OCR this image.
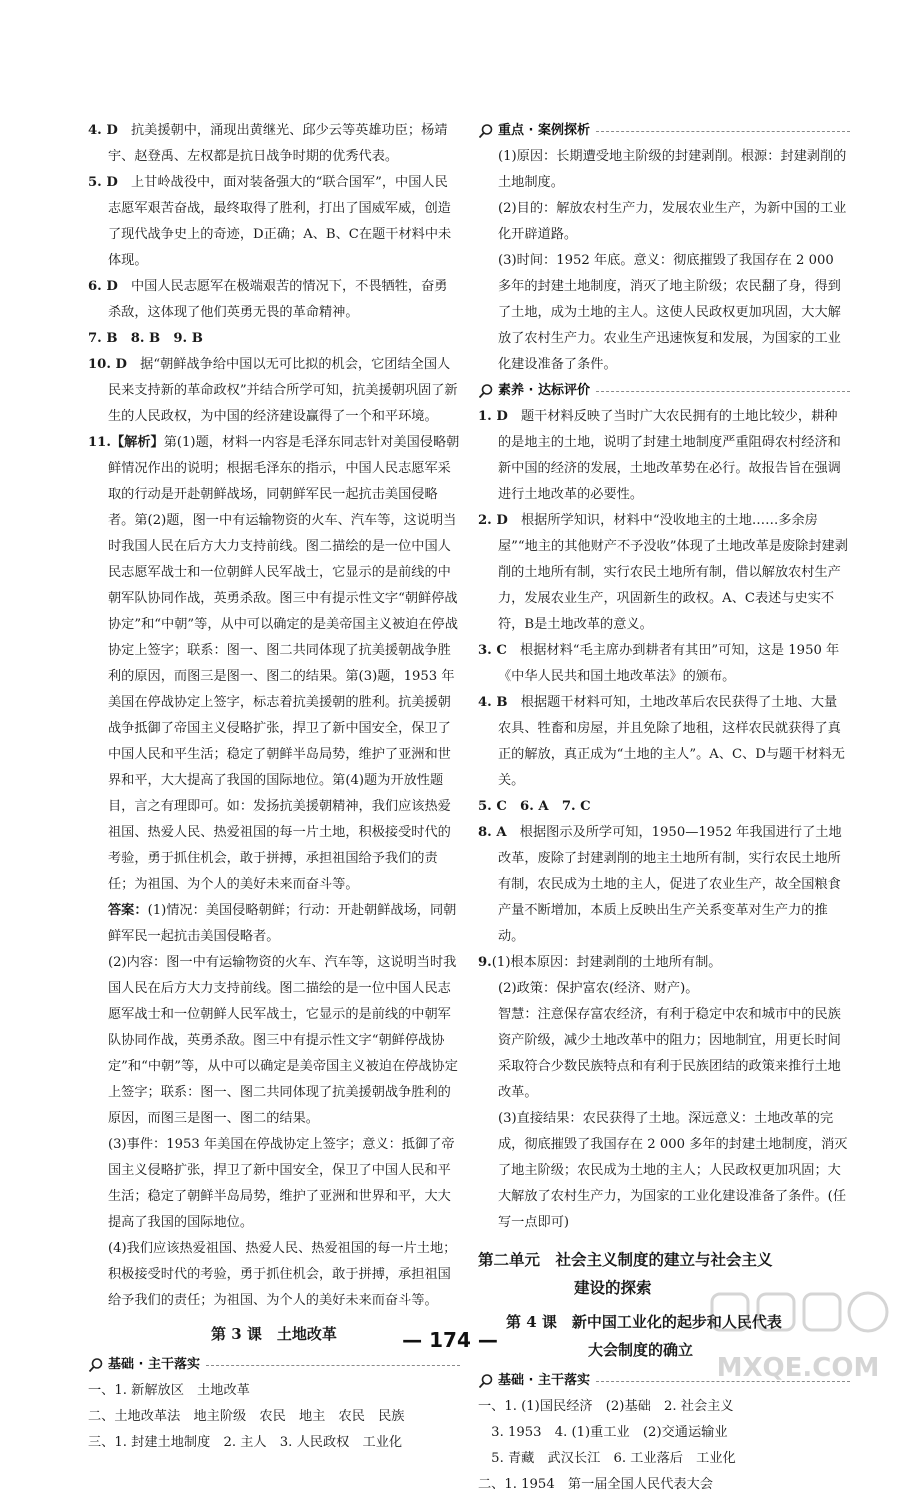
4. D　 抗美援朝中，涌现出黄继光、邱少云等英雄功臣；杨靖宇、赵登禹、左权都是抗日战争时期的优秀代表。

5. D　 上甘岭战役中，面对装备强大的“联合国军”，中国人民志愿军艰苦奋战，最终取得了胜利，打出了国威军威，创造了现代战争史上的奇迹，D正确；A、B、C在题干材料中未体现。

6. D　 中国人民志愿军在极端艰苦的情况下，不畏牺牲，奋勇杀敌，这体现了他们英勇无畏的革命精神。

7. B　8. B　9. B

10. D　 据“朝鲜战争给中国以无可比拟的机会，它团结全国人民来支持新的革命政权”并结合所学可知，抗美援朝巩固了新生的人民政权，为中国的经济建设赢得了一个和平环境。

11.【解析】第(1)题，材料一内容是毛泽东同志针对美国侵略朝鲜情况作出的说明；根据毛泽东的指示，中国人民志愿军采取的行动是开赴朝鲜战场，同朝鲜军民一起抗击美国侵略者。第(2)题，图一中有运输物资的火车、汽车等，这说明当时我国人民在后方大力支持前线。图二描绘的是一位中国人民志愿军战士和一位朝鲜人民军战士，它显示的是前线的中朝军队协同作战，英勇杀敌。图三中有提示性文字“朝鲜停战协定”和“中朝”等，从中可以确定的是美帝国主义被迫在停战协定上签字；联系：图一、图二共同体现了抗美援朝战争胜利的原因，而图三是图一、图二的结果。第(3)题，1953 年美国在停战协定上签字，标志着抗美援朝的胜利。抗美援朝战争抵御了帝国主义侵略扩张，捍卫了新中国安全，保卫了中国人民和平生活；稳定了朝鲜半岛局势，维护了亚洲和世界和平，大大提高了我国的国际地位。第(4)题为开放性题目，言之有理即可。如：发扬抗美援朝精神，我们应该热爱祖国、热爱人民、热爱祖国的每一片土地，积极接受时代的考验，勇于抓住机会，敢于拼搏，承担祖国给予我们的责任；为祖国、为个人的美好未来而奋斗等。

答案：(1)情况：美国侵略朝鲜；行动：开赴朝鲜战场，同朝鲜军民一起抗击美国侵略者。

(2)内容：图一中有运输物资的火车、汽车等，这说明当时我国人民在后方大力支持前线。图二描绘的是一位中国人民志愿军战士和一位朝鲜人民军战士，它显示的是前线的中朝军队协同作战，英勇杀敌。图三中有提示性文字“朝鲜停战协定”和“中朝”等，从中可以确定是美帝国主义被迫在停战协定上签字；联系：图一、图二共同体现了抗美援朝战争胜利的原因，而图三是图一、图二的结果。

(3)事件：1953 年美国在停战协定上签字；意义：抵御了帝国主义侵略扩张，捍卫了新中国安全，保卫了中国人民和平生活；稳定了朝鲜半岛局势，维护了亚洲和世界和平，大大提高了我国的国际地位。

(4)我们应该热爱祖国、热爱人民、热爱祖国的每一片土地；积极接受时代的考验，勇于抓住机会，敢于拼搏，承担祖国给予我们的责任；为祖国、为个人的美好未来而奋斗等。

第 3 课　土地改革
基础 · 主干落实

一、1. 新解放区　土地改革

二、土地改革法　地主阶级　农民　地主　农民　民族

三、1. 封建土地制度　2. 主人　3. 人民政权　工业化

重点 · 案例探析

(1)原因：长期遭受地主阶级的封建剥削。根源：封建剥削的土地制度。

(2)目的：解放农村生产力，发展农业生产，为新中国的工业化开辟道路。

(3)时间：1952 年底。意义：彻底摧毁了我国存在 2 000 多年的封建土地制度，消灭了地主阶级；农民翻了身，得到了土地，成为土地的主人。这使人民政权更加巩固，大大解放了农村生产力。农业生产迅速恢复和发展，为国家的工业化建设准备了条件。

素养 · 达标评价

1. D　 题干材料反映了当时广大农民拥有的土地比较少，耕种的是地主的土地，说明了封建土地制度严重阻碍农村经济和新中国的经济的发展，土地改革势在必行。故报告旨在强调进行土地改革的必要性。

2. D　 根据所学知识，材料中“没收地主的土地……多余房屋”“地主的其他财产不予没收”体现了土地改革是废除封建剥削的土地所有制，实行农民土地所有制，借以解放农村生产力，发展农业生产，巩固新生的政权。A、C表述与史实不符，B是土地改革的意义。

3. C　 根据材料“毛主席办到耕者有其田”可知，这是 1950 年《中华人民共和国土地改革法》的颁布。

4. B　 根据题干材料可知，土地改革后农民获得了土地、大量农具、牲畜和房屋，并且免除了地租，这样农民就获得了真正的解放，真正成为“土地的主人”。A、C、D与题干材料无关。

5. C　6. A　7. C

8. A　 根据图示及所学可知，1950—1952 年我国进行了土地改革，废除了封建剥削的地主土地所有制，实行农民土地所有制，农民成为土地的主人，促进了农业生产，故全国粮食产量不断增加，本质上反映出生产关系变革对生产力的推动。

9.(1)根本原因：封建剥削的土地所有制。

(2)政策：保护富农(经济、财产)。

智慧：注意保存富农经济，有利于稳定中农和城市中的民族资产阶级，减少土地改革中的阻力；因地制宜，用更长时间采取符合少数民族特点和有利于民族团结的政策来推行土地改革。

(3)直接结果：农民获得了土地。深远意义：土地改革的完成，彻底摧毁了我国存在 2 000 多年的封建土地制度，消灭了地主阶级；农民成为土地的主人；人民政权更加巩固；大大解放了农村生产力，为国家的工业化建设准备了条件。(任写一点即可)

第二单元　社会主义制度的建立与社会主义
建设的探索
第 4 课　新中国工业化的起步和人民代表
大会制度的确立
基础 · 主干落实

一、1. (1)国民经济　(2)基础　2. 社会主义

　3. 1953　4. (1)重工业　(2)交通运输业

　5. 青藏　武汉长江　6. 工业落后　工业化

二、1. 1954　第一届全国人民代表大会

— 174 —
MXQE.COM
